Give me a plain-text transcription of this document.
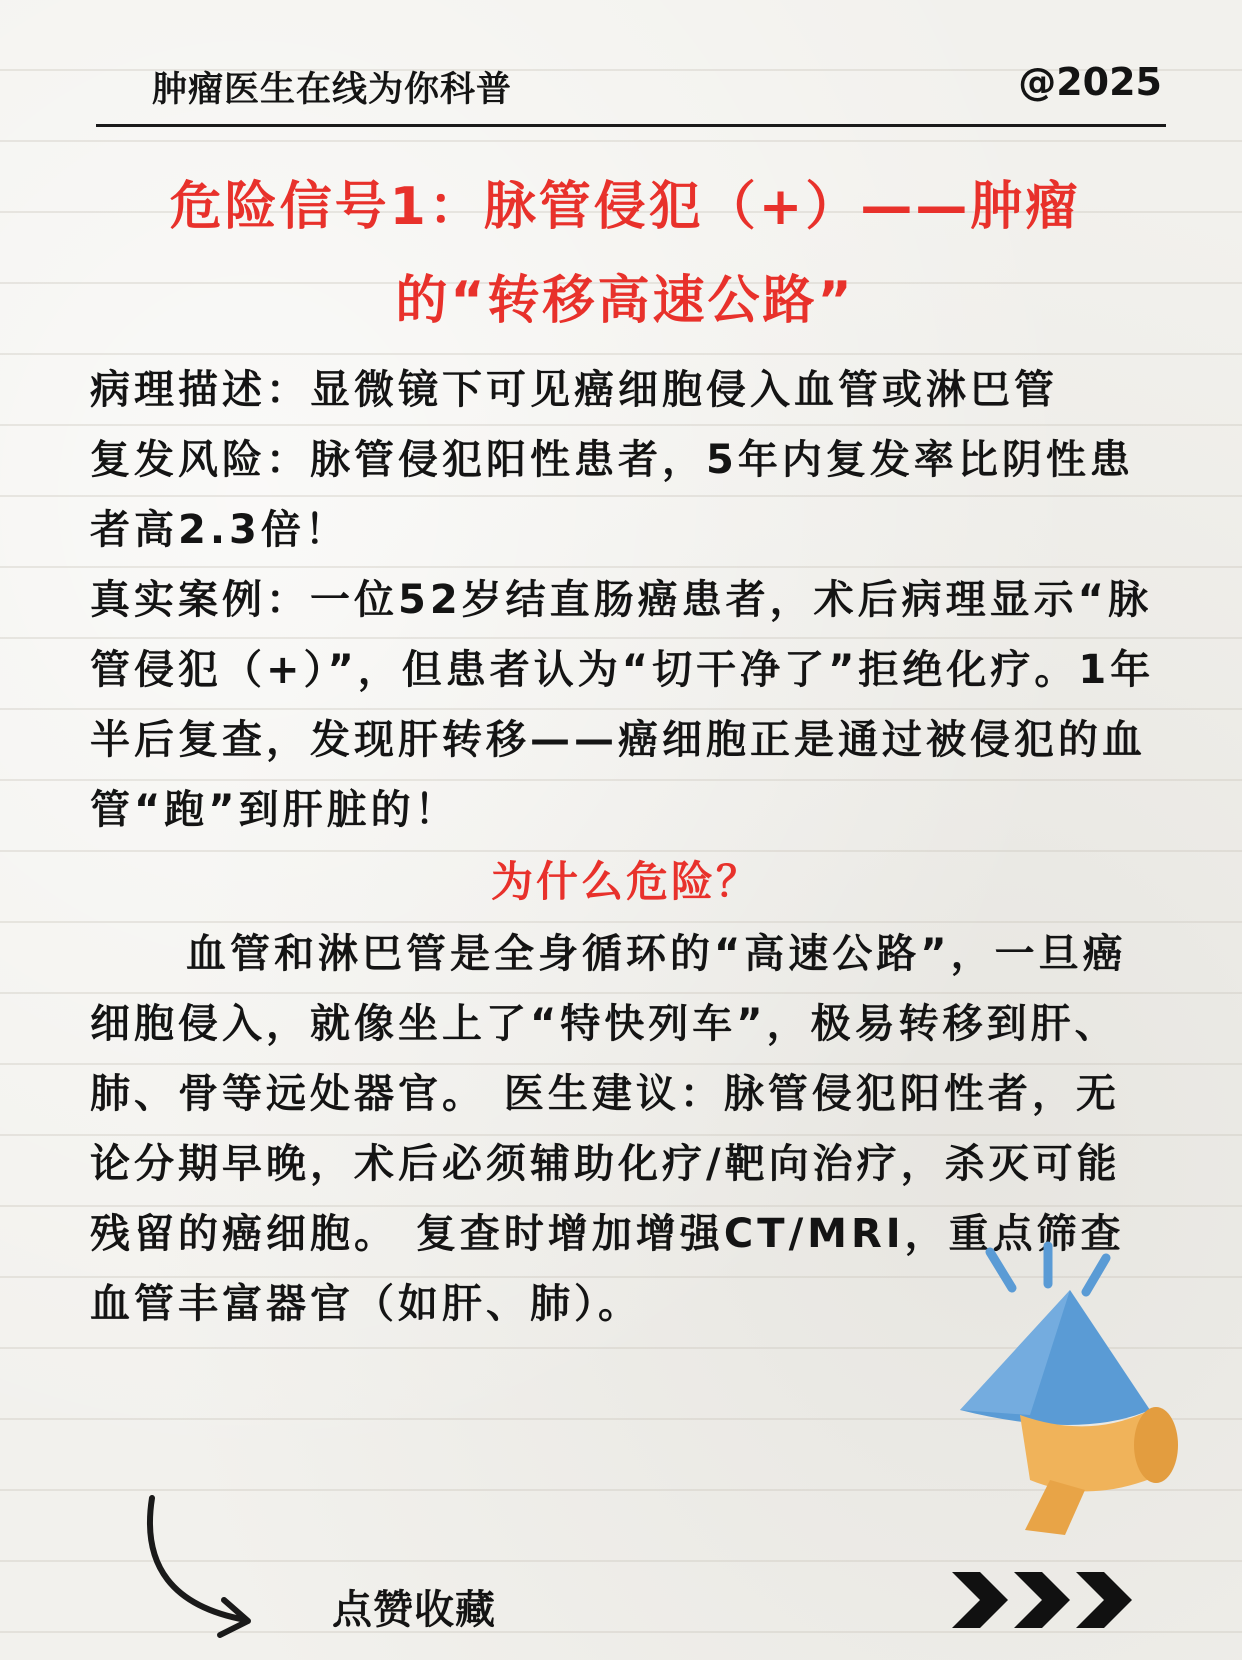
肿瘤医生在线为你科普	@2025
危险信号1：脉管侵犯（+）——肿瘤
的“转移高速公路”

病理描述：显微镜下可见癌细胞侵入血管或淋巴管

复发风险：脉管侵犯阳性患者，5年内复发率比阴性患者高2.3倍！

真实案例：一位52岁结直肠癌患者，术后病理显示“脉管侵犯（+）”，但患者认为“切干净了”拒绝化疗。1年半后复查，发现肝转移——癌细胞正是通过被侵犯的血管“跑”到肝脏的！

为什么危险？

血管和淋巴管是全身循环的“高速公路”，一旦癌细胞侵入，就像坐上了“特快列车”，极易转移到肝、肺、骨等远处器官。 医生建议：脉管侵犯阳性者，无论分期早晚，术后必须辅助化疗/靶向治疗，杀灭可能残留的癌细胞。 复查时增加增强CT/MRI，重点筛查血管丰富器官（如肝、肺）。

点赞收藏
